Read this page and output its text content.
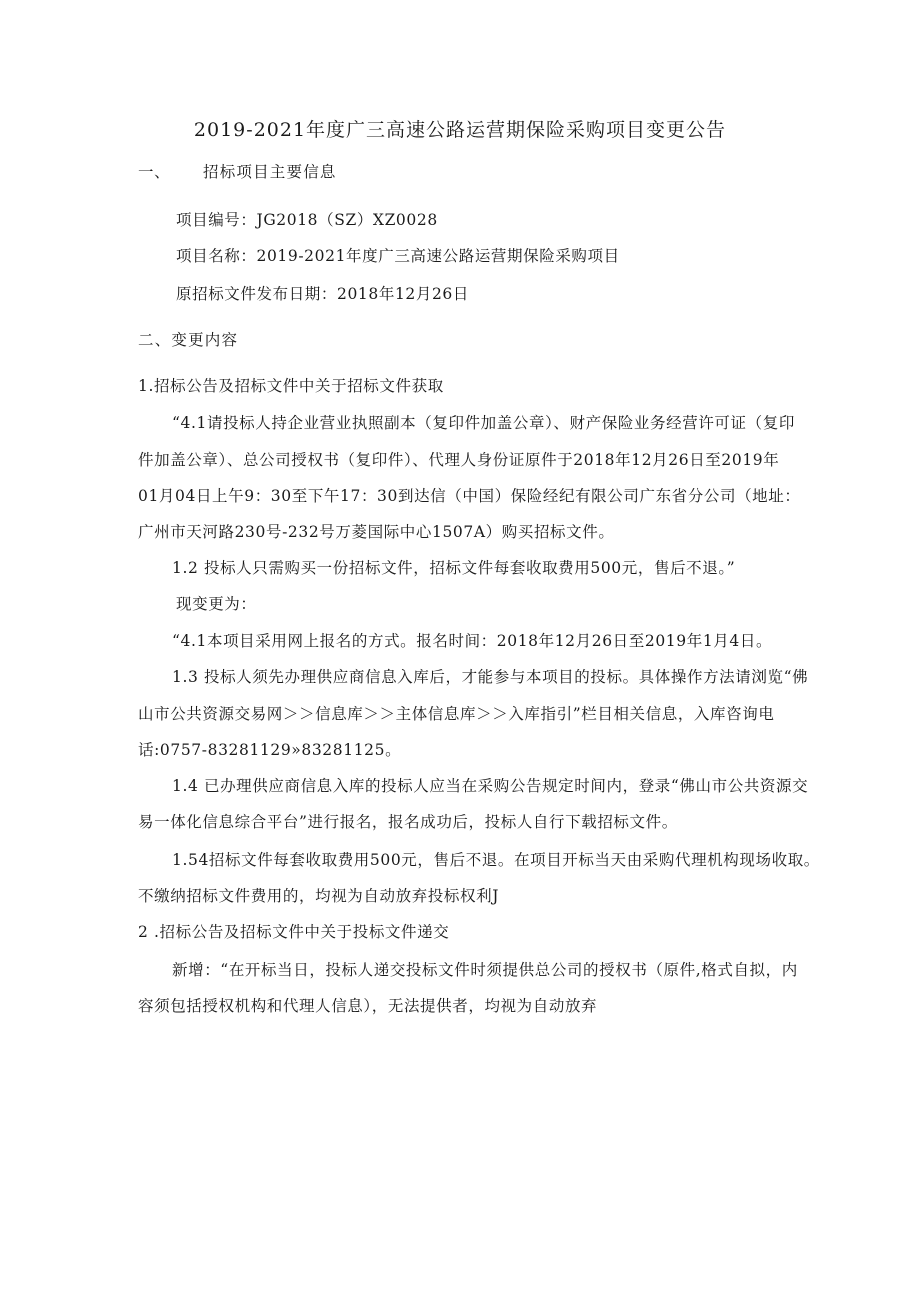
2019-2021年度广三高速公路运营期保险采购项目变更公告
一、 招标项目主要信息
项目编号：JG2018（SZ）XZ0028
项目名称：2019-2021年度广三高速公路运营期保险采购项目
原招标文件发布日期：2018年12月26日
二、变更内容
1.招标公告及招标文件中关于招标文件获取
“4.1请投标人持企业营业执照副本（复印件加盖公章）、财产保险业务经营许可证（复印
件加盖公章）、总公司授权书（复印件）、代理人身份证原件于2018年12月26日至2019年
01月04日上午9：30至下午17：30到达信（中国）保险经纪有限公司广东省分公司（地址：
广州市天河路230号-232号万菱国际中心1507A）购买招标文件。
1.2 投标人只需购买一份招标文件，招标文件每套收取费用500元，售后不退。”
现变更为：
“4.1本项目采用网上报名的方式。报名时间：2018年12月26日至2019年1月4日。
1.3 投标人须先办理供应商信息入库后，才能参与本项目的投标。具体操作方法请浏览“佛
山市公共资源交易网＞＞信息库＞＞主体信息库＞＞入库指引”栏目相关信息，入库咨询电
话:0757-83281129»83281125。
1.4 已办理供应商信息入库的投标人应当在采购公告规定时间内，登录“佛山市公共资源交
易一体化信息综合平台”进行报名，报名成功后，投标人自行下载招标文件。
1.54招标文件每套收取费用500元，售后不退。在项目开标当天由采购代理机构现场收取。
不缴纳招标文件费用的，均视为自动放弃投标权利J
2 .招标公告及招标文件中关于投标文件递交
新增：“在开标当日，投标人递交投标文件时须提供总公司的授权书（原件,格式自拟，内
容须包括授权机构和代理人信息），无法提供者，均视为自动放弃
